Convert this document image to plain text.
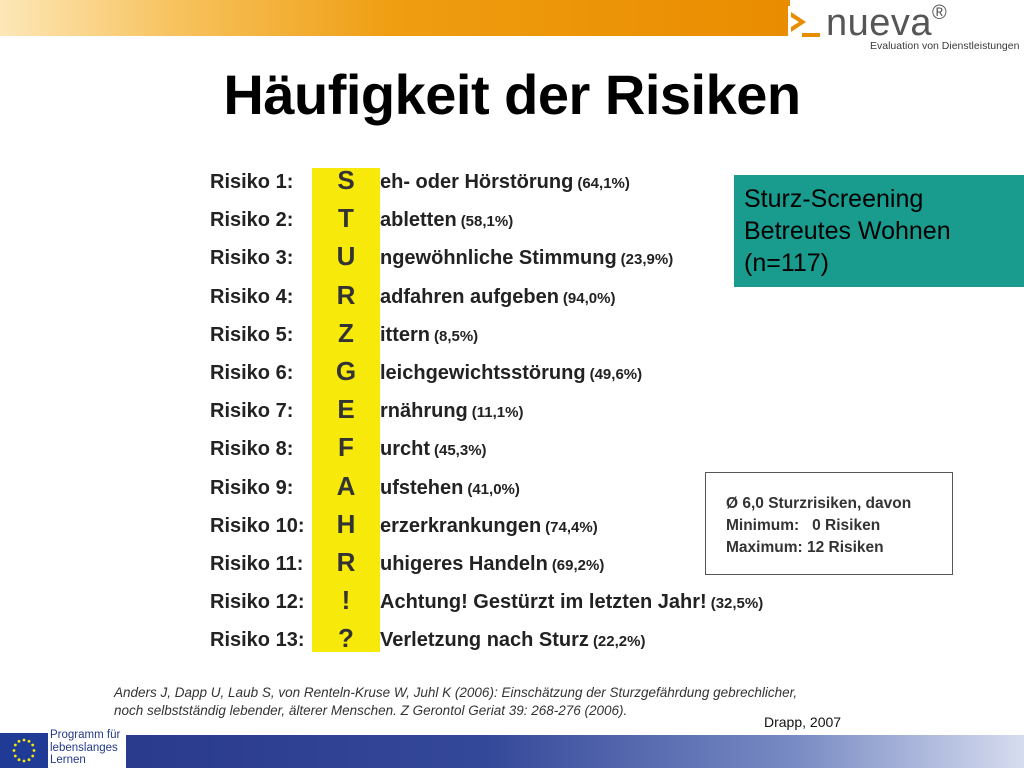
nueva ®
Evaluation von Dienstleistungen
Häufigkeit der Risiken
Risiko 1:	S	eh- oder Hörstörung (64,1%)
Risiko 2:	T	abletten (58,1%)
Risiko 3:	U	ngewöhnliche Stimmung (23,9%)
Risiko 4:	R	adfahren aufgeben (94,0%)
Risiko 5:	Z	ittern (8,5%)
Risiko 6:	G	leichgewichtsstörung (49,6%)
Risiko 7:	E	rnährung (11,1%)
Risiko 8:	F	urcht (45,3%)
Risiko 9:	A	ufstehen (41,0%)
Risiko 10:	H	erzerkrankungen (74,4%)
Risiko 11:	R	uhigeres Handeln (69,2%)
Risiko 12:	!	Achtung! Gestürzt im letzten Jahr! (32,5%)
Risiko 13:	?	Verletzung nach Sturz (22,2%)
Sturz-Screening
Betreutes Wohnen
(n=117)
Ø 6,0 Sturzrisiken, davon
Minimum:   0 Risiken
Maximum: 12 Risiken
Anders J, Dapp U, Laub S, von Renteln-Kruse W, Juhl K (2006): Einschätzung der Sturzgefährdung gebrechlicher,
noch selbstständig lebender, älterer Menschen. Z Gerontol Geriat 39: 268-276 (2006).
Drapp, 2007
Programm für
lebenslanges
Lernen
